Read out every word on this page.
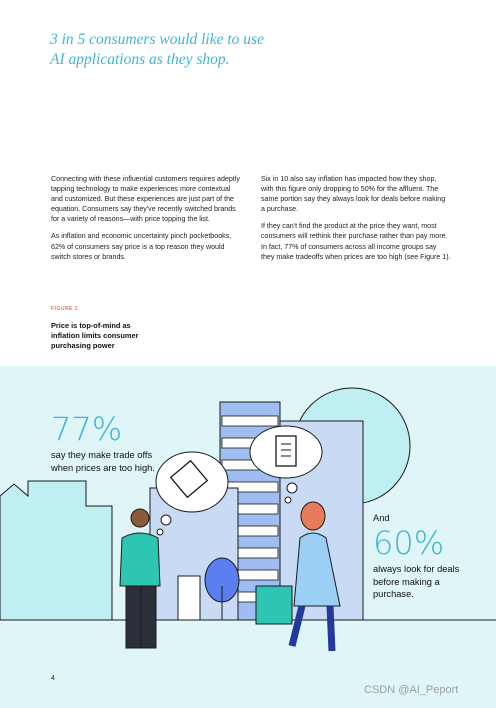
3 in 5 consumers would like to use AI applications as they shop.

Connecting with these influential customers requires adeptly tapping technology to make experiences more contextual and customized. But these experiences are just part of the equation. Consumers say they've recently switched brands for a variety of reasons—with price topping the list.

As inflation and economic uncertainty pinch pocketbooks, 62% of consumers say price is a top reason they would switch stores or brands.

Six in 10 also say inflation has impacted how they shop, with this figure only dropping to 50% for the affluent. The same portion say they always look for deals before making a purchase.

If they can't find the product at the price they want, most consumers will rethink their purchase rather than pay more. In fact, 77% of consumers across all income groups say they make tradeoffs when prices are too high (see Figure 1).

FIGURE 1
Price is top-of-mind as inflation limits consumer purchasing power
77%
say they make trade offs when prices are too high.
And
60%
always look for deals before making a purchase.
4
CSDN @AI_Peport
